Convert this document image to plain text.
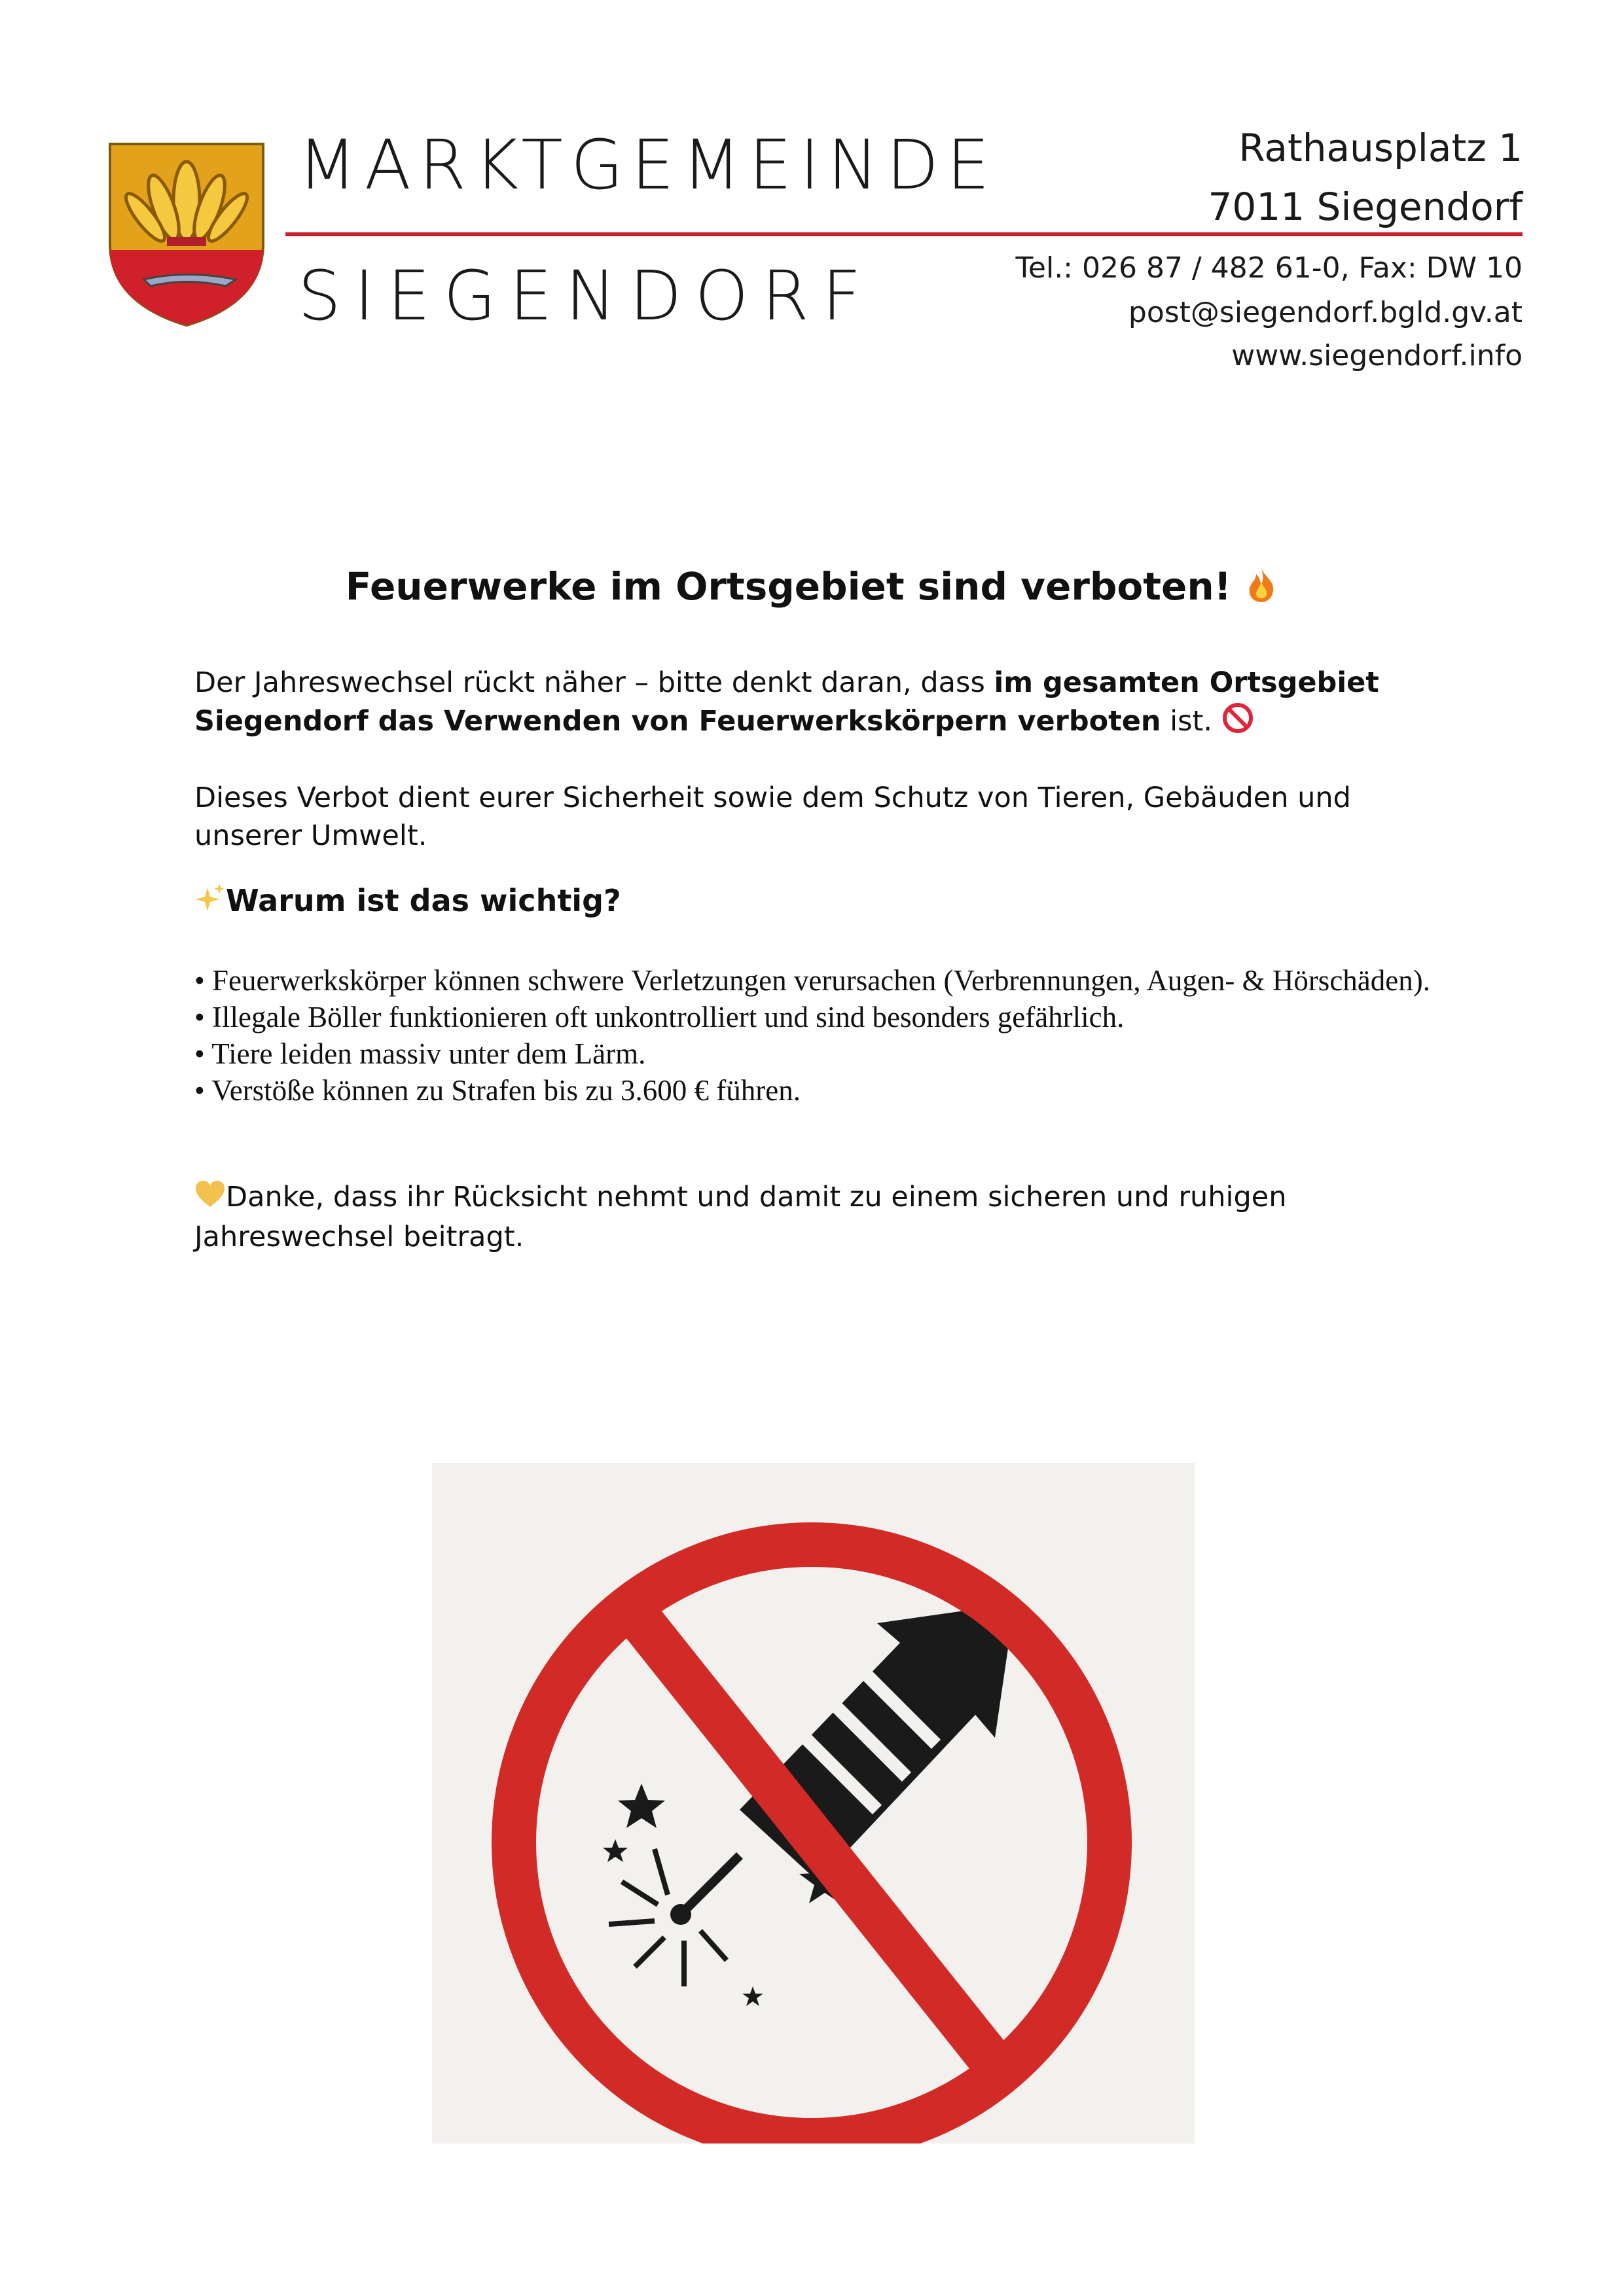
MARKTGEMEINDE
SIEGENDORF
Rathausplatz 1
7011 Siegendorf
Tel.: 026 87 / 482 61-0, Fax: DW 10
post@siegendorf.bgld.gv.at
www.siegendorf.info
Feuerwerke im Ortsgebiet sind verboten!
Der Jahreswechsel rückt näher – bitte denkt daran, dass im gesamten Ortsgebiet Siegendorf das Verwenden von Feuerwerkskörpern verboten ist.
Dieses Verbot dient eurer Sicherheit sowie dem Schutz von Tieren, Gebäuden und unserer Umwelt.
Warum ist das wichtig?
• Feuerwerkskörper können schwere Verletzungen verursachen (Verbrennungen, Augen- & Hörschäden).
• Illegale Böller funktionieren oft unkontrolliert und sind besonders gefährlich.
• Tiere leiden massiv unter dem Lärm.
• Verstöße können zu Strafen bis zu 3.600 € führen.
Danke, dass ihr Rücksicht nehmt und damit zu einem sicheren und ruhigen Jahreswechsel beitragt.
